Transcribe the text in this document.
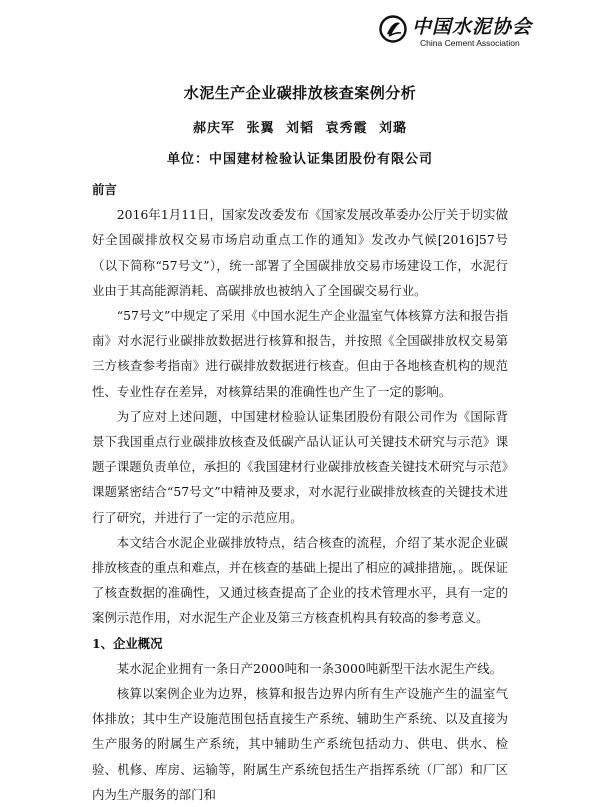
中国水泥协会
China Cement Association
水泥生产企业碳排放核查案例分析
郝庆军 张翼 刘韬 袁秀霞 刘璐
单位：中国建材检验认证集团股份有限公司
前言

2016年1月11日，国家发改委发布《国家发展改革委办公厅关于切实做好全国碳排放权交易市场启动重点工作的通知》发改办气候[2016]57号（以下简称“57号文”），统一部署了全国碳排放交易市场建设工作，水泥行业由于其高能源消耗、高碳排放也被纳入了全国碳交易行业。

“57号文”中规定了采用《中国水泥生产企业温室气体核算方法和报告指南》对水泥行业碳排放数据进行核算和报告，并按照《全国碳排放权交易第三方核查参考指南》进行碳排放数据进行核查。但由于各地核查机构的规范性、专业性存在差异，对核算结果的准确性也产生了一定的影响。

为了应对上述问题，中国建材检验认证集团股份有限公司作为《国际背景下我国重点行业碳排放核查及低碳产品认证认可关键技术研究与示范》课题子课题负责单位，承担的《我国建材行业碳排放核查关键技术研究与示范》课题紧密结合“57号文”中精神及要求，对水泥行业碳排放核查的关键技术进行了研究，并进行了一定的示范应用。

本文结合水泥企业碳排放特点，结合核查的流程，介绍了某水泥企业碳排放核查的重点和难点，并在核查的基础上提出了相应的减排措施，。既保证了核查数据的准确性，又通过核查提高了企业的技术管理水平，具有一定的案例示范作用，对水泥生产企业及第三方核查机构具有较高的参考意义。

1、企业概况

某水泥企业拥有一条日产2000吨和一条3000吨新型干法水泥生产线。

核算以案例企业为边界，核算和报告边界内所有生产设施产生的温室气体排放；其中生产设施范围包括直接生产系统、辅助生产系统、以及直接为生产服务的附属生产系统，其中辅助生产系统包括动力、供电、供水、检验、机修、库房、运输等，附属生产系统包括生产指挥系统（厂部）和厂区内为生产服务的部门和
